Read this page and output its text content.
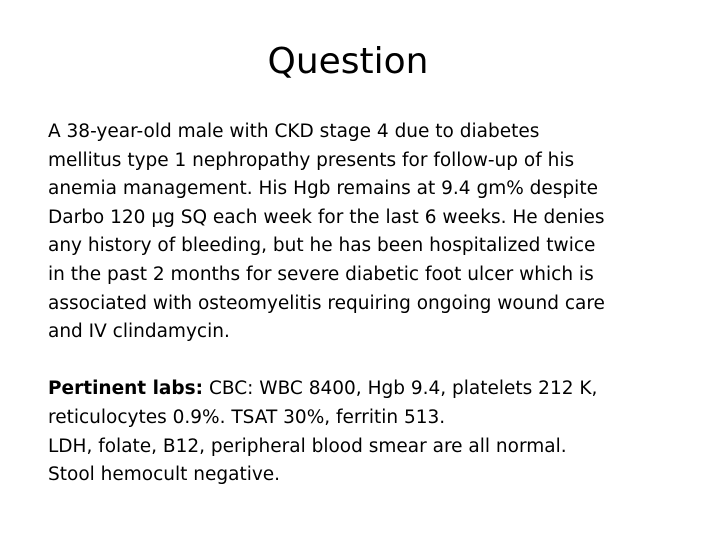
Question
A 38-year-old male with CKD stage 4 due to diabetes
mellitus type 1 nephropathy presents for follow-up of his
anemia management. His Hgb remains at 9.4 gm% despite
Darbo 120 µg SQ each week for the last 6 weeks. He denies
any history of bleeding, but he has been hospitalized twice
in the past 2 months for severe diabetic foot ulcer which is
associated with osteomyelitis requiring ongoing wound care
and IV clindamycin.
Pertinent labs: CBC: WBC 8400, Hgb 9.4, platelets 212 K,
reticulocytes 0.9%. TSAT 30%, ferritin 513.
LDH, folate, B12, peripheral blood smear are all normal.
Stool hemocult negative.
